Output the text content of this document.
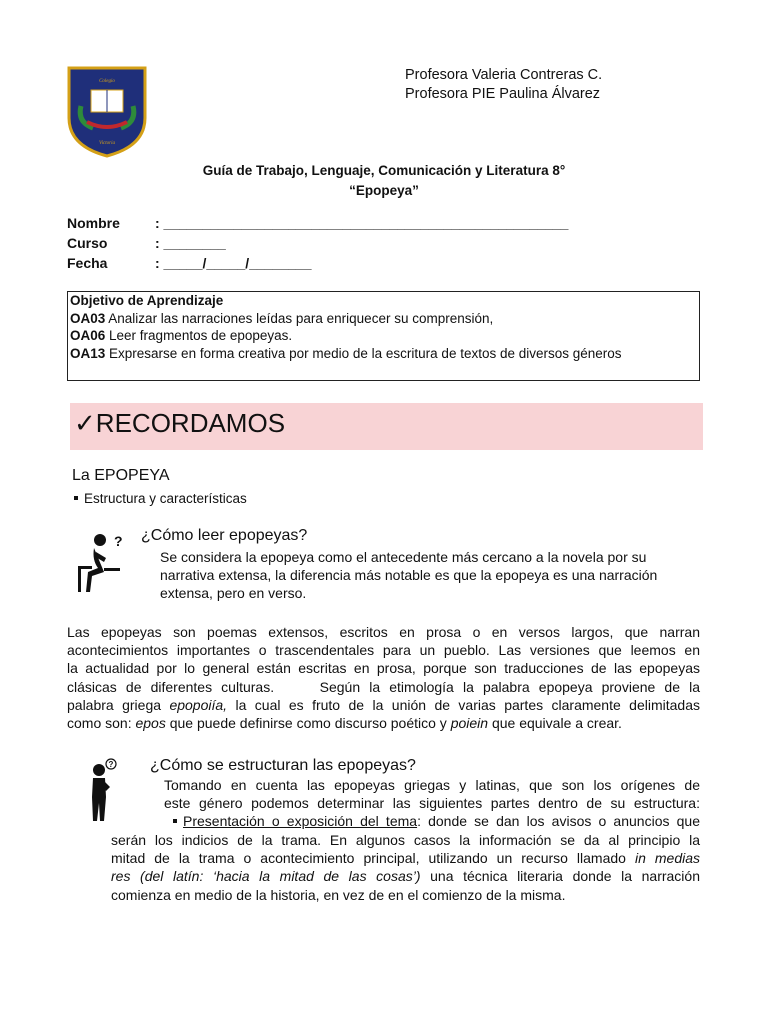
Colegio
Victoria
Profesora Valeria Contreras C.
Profesora PIE Paulina Álvarez
Guía de Trabajo, Lenguaje, Comunicación y Literatura 8°
“Epopeya”
Nombre	: ____________________________________________________
Curso	: ________
Fecha	: _____/_____/________
Objetivo de Aprendizaje
OA03 Analizar las narraciones leídas para enriquecer su comprensión,
OA06 Leer fragmentos de epopeyas.
OA13 Expresarse en forma creativa por medio de la escritura de textos de diversos géneros
✓RECORDAMOS
La EPOPEYA
Estructura y características
? ¿Cómo leer epopeyas?
Se considera la epopeya como el antecedente más cercano a la novela por su
narrativa extensa, la diferencia más notable es que la epopeya es una narración
extensa, pero en verso.
Las epopeyas son poemas extensos, escritos en prosa o en versos largos, que narran
acontecimientos importantes o trascendentales para un pueblo. Las versiones que leemos en
la actualidad por lo general están escritas en prosa, porque son traducciones de las epopeyas
clásicas de diferentes culturas.     Según la etimología la palabra epopeya proviene de la
palabra griega epopoiía, la cual es fruto de la unión de varias partes claramente delimitadas
como son: epos que puede definirse como discurso poético y poiein que equivale a crear.
? ¿Cómo se estructuran las epopeyas?
Tomando en cuenta las epopeyas griegas y latinas, que son los orígenes de
este género podemos determinar las siguientes partes dentro de su estructura:
Presentación o exposición del tema: donde se dan los avisos o anuncios que
serán los indicios de la trama. En algunos casos la información se da al principio la
mitad de la trama o acontecimiento principal, utilizando un recurso llamado in medias
res (del latín: ‘hacia la mitad de las cosas’) una técnica literaria donde la narración
comienza en medio de la historia, en vez de en el comienzo de la misma.
